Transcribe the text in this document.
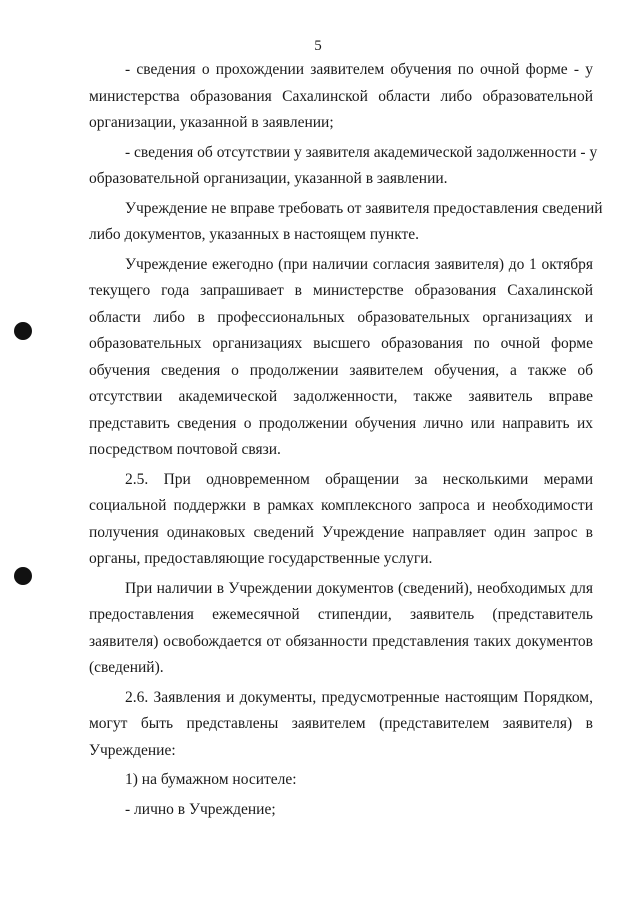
5
- сведения о прохождении заявителем обучения по очной форме - у
министерства образования Сахалинской области либо образовательной
организации, указанной в заявлении;
- сведения об отсутствии у заявителя академической задолженности - у
образовательной организации, указанной в заявлении.
Учреждение не вправе требовать от заявителя предоставления сведений
либо документов, указанных в настоящем пункте.
Учреждение ежегодно (при наличии согласия заявителя) до 1 октября
текущего года запрашивает в министерстве образования Сахалинской
области либо в профессиональных образовательных организациях и
образовательных организациях высшего образования по очной форме
обучения сведения о продолжении заявителем обучения, а также об
отсутствии академической задолженности, также заявитель вправе
представить сведения о продолжении обучения лично или направить их
посредством почтовой связи.
2.5. При одновременном обращении за несколькими мерами
социальной поддержки в рамках комплексного запроса и необходимости
получения одинаковых сведений Учреждение направляет один запрос в
органы, предоставляющие государственные услуги.
При наличии в Учреждении документов (сведений), необходимых для
предоставления ежемесячной стипендии, заявитель (представитель
заявителя) освобождается от обязанности представления таких документов
(сведений).
2.6. Заявления и документы, предусмотренные настоящим Порядком,
могут быть представлены заявителем (представителем заявителя) в
Учреждение:
1) на бумажном носителе:
- лично в Учреждение;
